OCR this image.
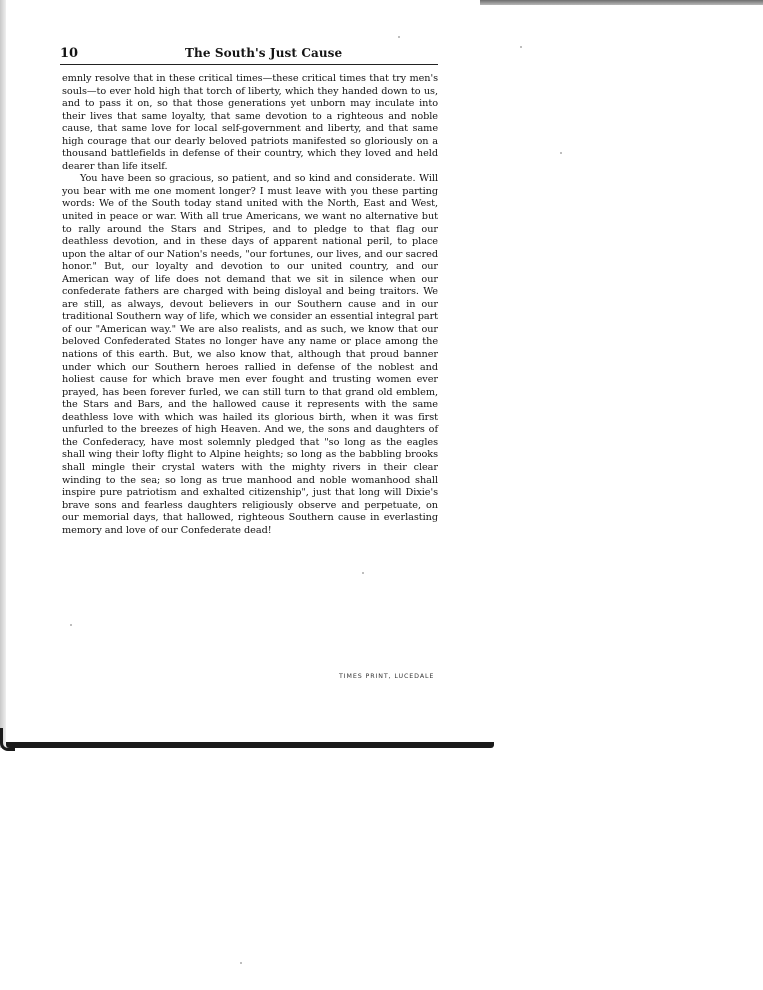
10	The South's Just Cause

emnly resolve that in these critical times—these critical times that try men's souls—to ever hold high that torch of liberty, which they handed down to us, and to pass it on, so that those generations yet unborn may inculate into their lives that same loyalty, that same devotion to a righteous and noble cause, that same love for local self-government and liberty, and that same high courage that our dearly beloved patriots manifested so gloriously on a thousand battlefields in defense of their country, which they loved and held dearer than life itself.

You have been so gracious, so patient, and so kind and considerate. Will you bear with me one moment longer? I must leave with you these parting words: We of the South today stand united with the North, East and West, united in peace or war. With all true Americans, we want no alternative but to rally around the Stars and Stripes, and to pledge to that flag our deathless devotion, and in these days of apparent national peril, to place upon the altar of our Nation's needs, "our fortunes, our lives, and our sacred honor." But, our loyalty and devotion to our united country, and our American way of life does not demand that we sit in silence when our confederate fathers are charged with being disloyal and being traitors. We are still, as always, devout believers in our Southern cause and in our traditional Southern way of life, which we consider an essential integral part of our "American way." We are also realists, and as such, we know that our beloved Confederated States no longer have any name or place among the nations of this earth. But, we also know that, although that proud banner under which our Southern heroes rallied in defense of the noblest and holiest cause for which brave men ever fought and trusting women ever prayed, has been forever furled, we can still turn to that grand old emblem, the Stars and Bars, and the hallowed cause it represents with the same deathless love with which was hailed its glorious birth, when it was first unfurled to the breezes of high Heaven. And we, the sons and daughters of the Confederacy, have most solemnly pledged that "so long as the eagles shall wing their lofty flight to Alpine heights; so long as the babbling brooks shall mingle their crystal waters with the mighty rivers in their clear winding to the sea; so long as true manhood and noble womanhood shall inspire pure patriotism and exhalted citizenship", just that long will Dixie's brave sons and fearless daughters religiously observe and perpetuate, on our memorial days, that hallowed, righteous Southern cause in everlasting memory and love of our Confederate dead!

TIMES PRINT, LUCEDALE
